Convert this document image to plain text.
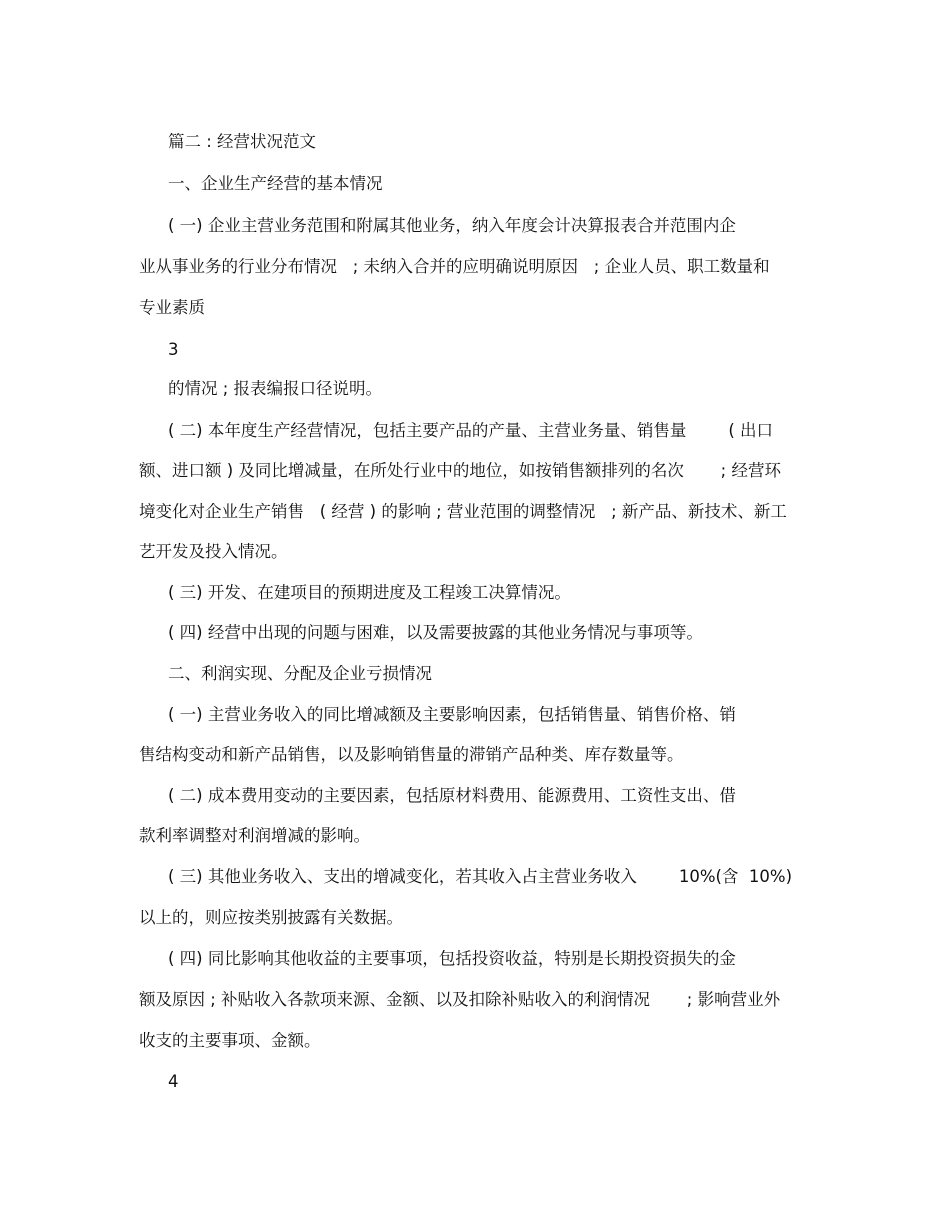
篇二 : 经营状况范文
一、企业生产经营的基本情况
( 一) 企业主营业务范围和附属其他业务，纳入年度会计决算报表合并范围内企
业从事业务的行业分布情况   ; 未纳入合并的应明确说明原因   ; 企业人员、职工数量和
专业素质
3
的情况 ; 报表编报口径说明。
( 二) 本年度生产经营情况，包括主要产品的产量、主营业务量、销售量        ( 出口
额、进口额 ) 及同比增减量，在所处行业中的地位，如按销售额排列的名次       ; 经营环
境变化对企业生产销售   ( 经营 ) 的影响 ; 营业范围的调整情况   ; 新产品、新技术、新工
艺开发及投入情况。
( 三) 开发、在建项目的预期进度及工程竣工决算情况。
( 四) 经营中出现的问题与困难，以及需要披露的其他业务情况与事项等。
二、利润实现、分配及企业亏损情况
( 一) 主营业务收入的同比增减额及主要影响因素，包括销售量、销售价格、销
售结构变动和新产品销售，以及影响销售量的滞销产品种类、库存数量等。
( 二) 成本费用变动的主要因素，包括原材料费用、能源费用、工资性支出、借
款利率调整对利润增减的影响。
( 三) 其他业务收入、支出的增减变化，若其收入占主营业务收入        10%(含  10%)
以上的，则应按类别披露有关数据。
( 四) 同比影响其他收益的主要事项，包括投资收益，特别是长期投资损失的金
额及原因 ; 补贴收入各款项来源、金额、以及扣除补贴收入的利润情况       ; 影响营业外
收支的主要事项、金额。
4
